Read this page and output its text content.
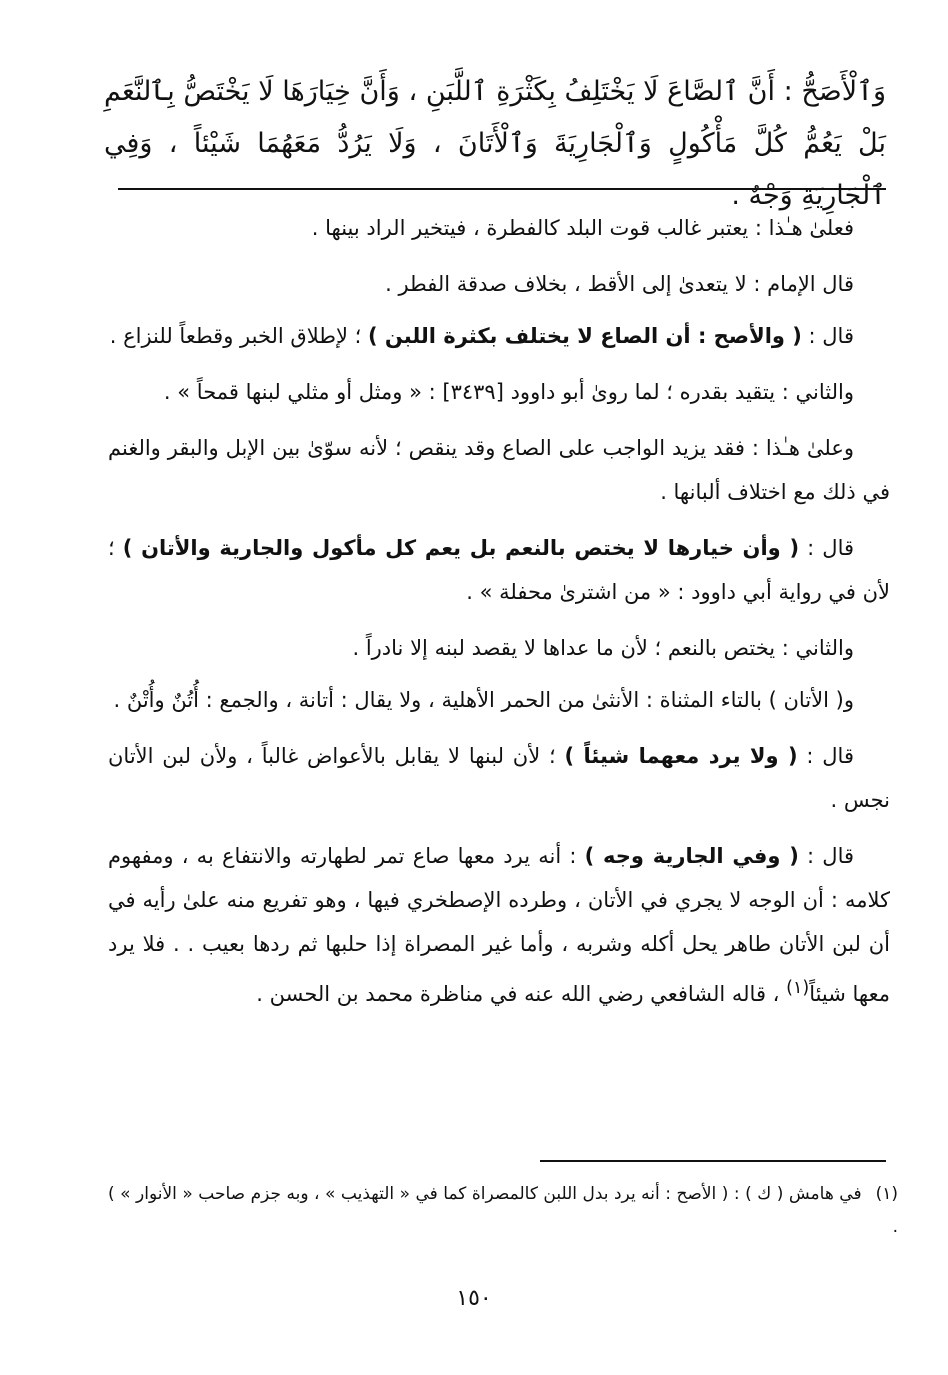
وَٱلْأَصَحُّ : أَنَّ ٱلصَّاعَ لَا يَخْتَلِفُ بِكَثْرَةِ ٱللَّبَنِ ، وَأَنَّ خِيَارَهَا لَا يَخْتَصُّ بِٱلنَّعَمِ بَلْ يَعُمُّ كُلَّ مَأْكُولٍ وَٱلْجَارِيَةَ وَٱلْأَتَانَ ، وَلَا يَرُدُّ مَعَهُمَا شَيْئاً ، وَفِي ٱلْجَارِيَةِ وَجْهٌ .

فعلىٰ هـٰذا : يعتبر غالب قوت البلد كالفطرة ، فيتخير الراد بينها .

قال الإمام : لا يتعدىٰ إلى الأقط ، بخلاف صدقة الفطر .

قال : ( والأصح : أن الصاع لا يختلف بكثرة اللبن ) ؛ لإطلاق الخبر وقطعاً للنزاع .

والثاني : يتقيد بقدره ؛ لما روىٰ أبو داوود [٣٤٣٩] : « ومثل أو مثلي لبنها قمحاً » .

وعلىٰ هـٰذا : فقد يزيد الواجب على الصاع وقد ينقص ؛ لأنه سوّىٰ بين الإبل والبقر والغنم في ذلك مع اختلاف ألبانها .

قال : ( وأن خيارها لا يختص بالنعم بل يعم كل مأكول والجارية والأتان ) ؛ لأن في رواية أبي داوود : « من اشترىٰ محفلة » .

والثاني : يختص بالنعم ؛ لأن ما عداها لا يقصد لبنه إلا نادراً .

و( الأتان ) بالتاء المثناة : الأنثىٰ من الحمر الأهلية ، ولا يقال : أتانة ، والجمع : أُتُنٌ وأُتْنٌ .

قال : ( ولا يرد معهما شيئاً ) ؛ لأن لبنها لا يقابل بالأعواض غالباً ، ولأن لبن الأتان نجس .

قال : ( وفي الجارية وجه ) : أنه يرد معها صاع تمر لطهارته والانتفاع به ، ومفهوم كلامه : أن الوجه لا يجري في الأتان ، وطرده الإصطخري فيها ، وهو تفريع منه علىٰ رأيه في أن لبن الأتان طاهر يحل أكله وشربه ، وأما غير المصراة إذا حلبها ثم ردها بعيب . . فلا يرد معها شيئاً$^{(١)}$ ، قاله الشافعي رضي الله عنه في مناظرة محمد بن الحسن .

(١)في هامش ( ك ) : ( الأصح : أنه يرد بدل اللبن كالمصراة كما في « التهذيب » ، وبه جزم صاحب « الأنوار » ) .
١٥٠
